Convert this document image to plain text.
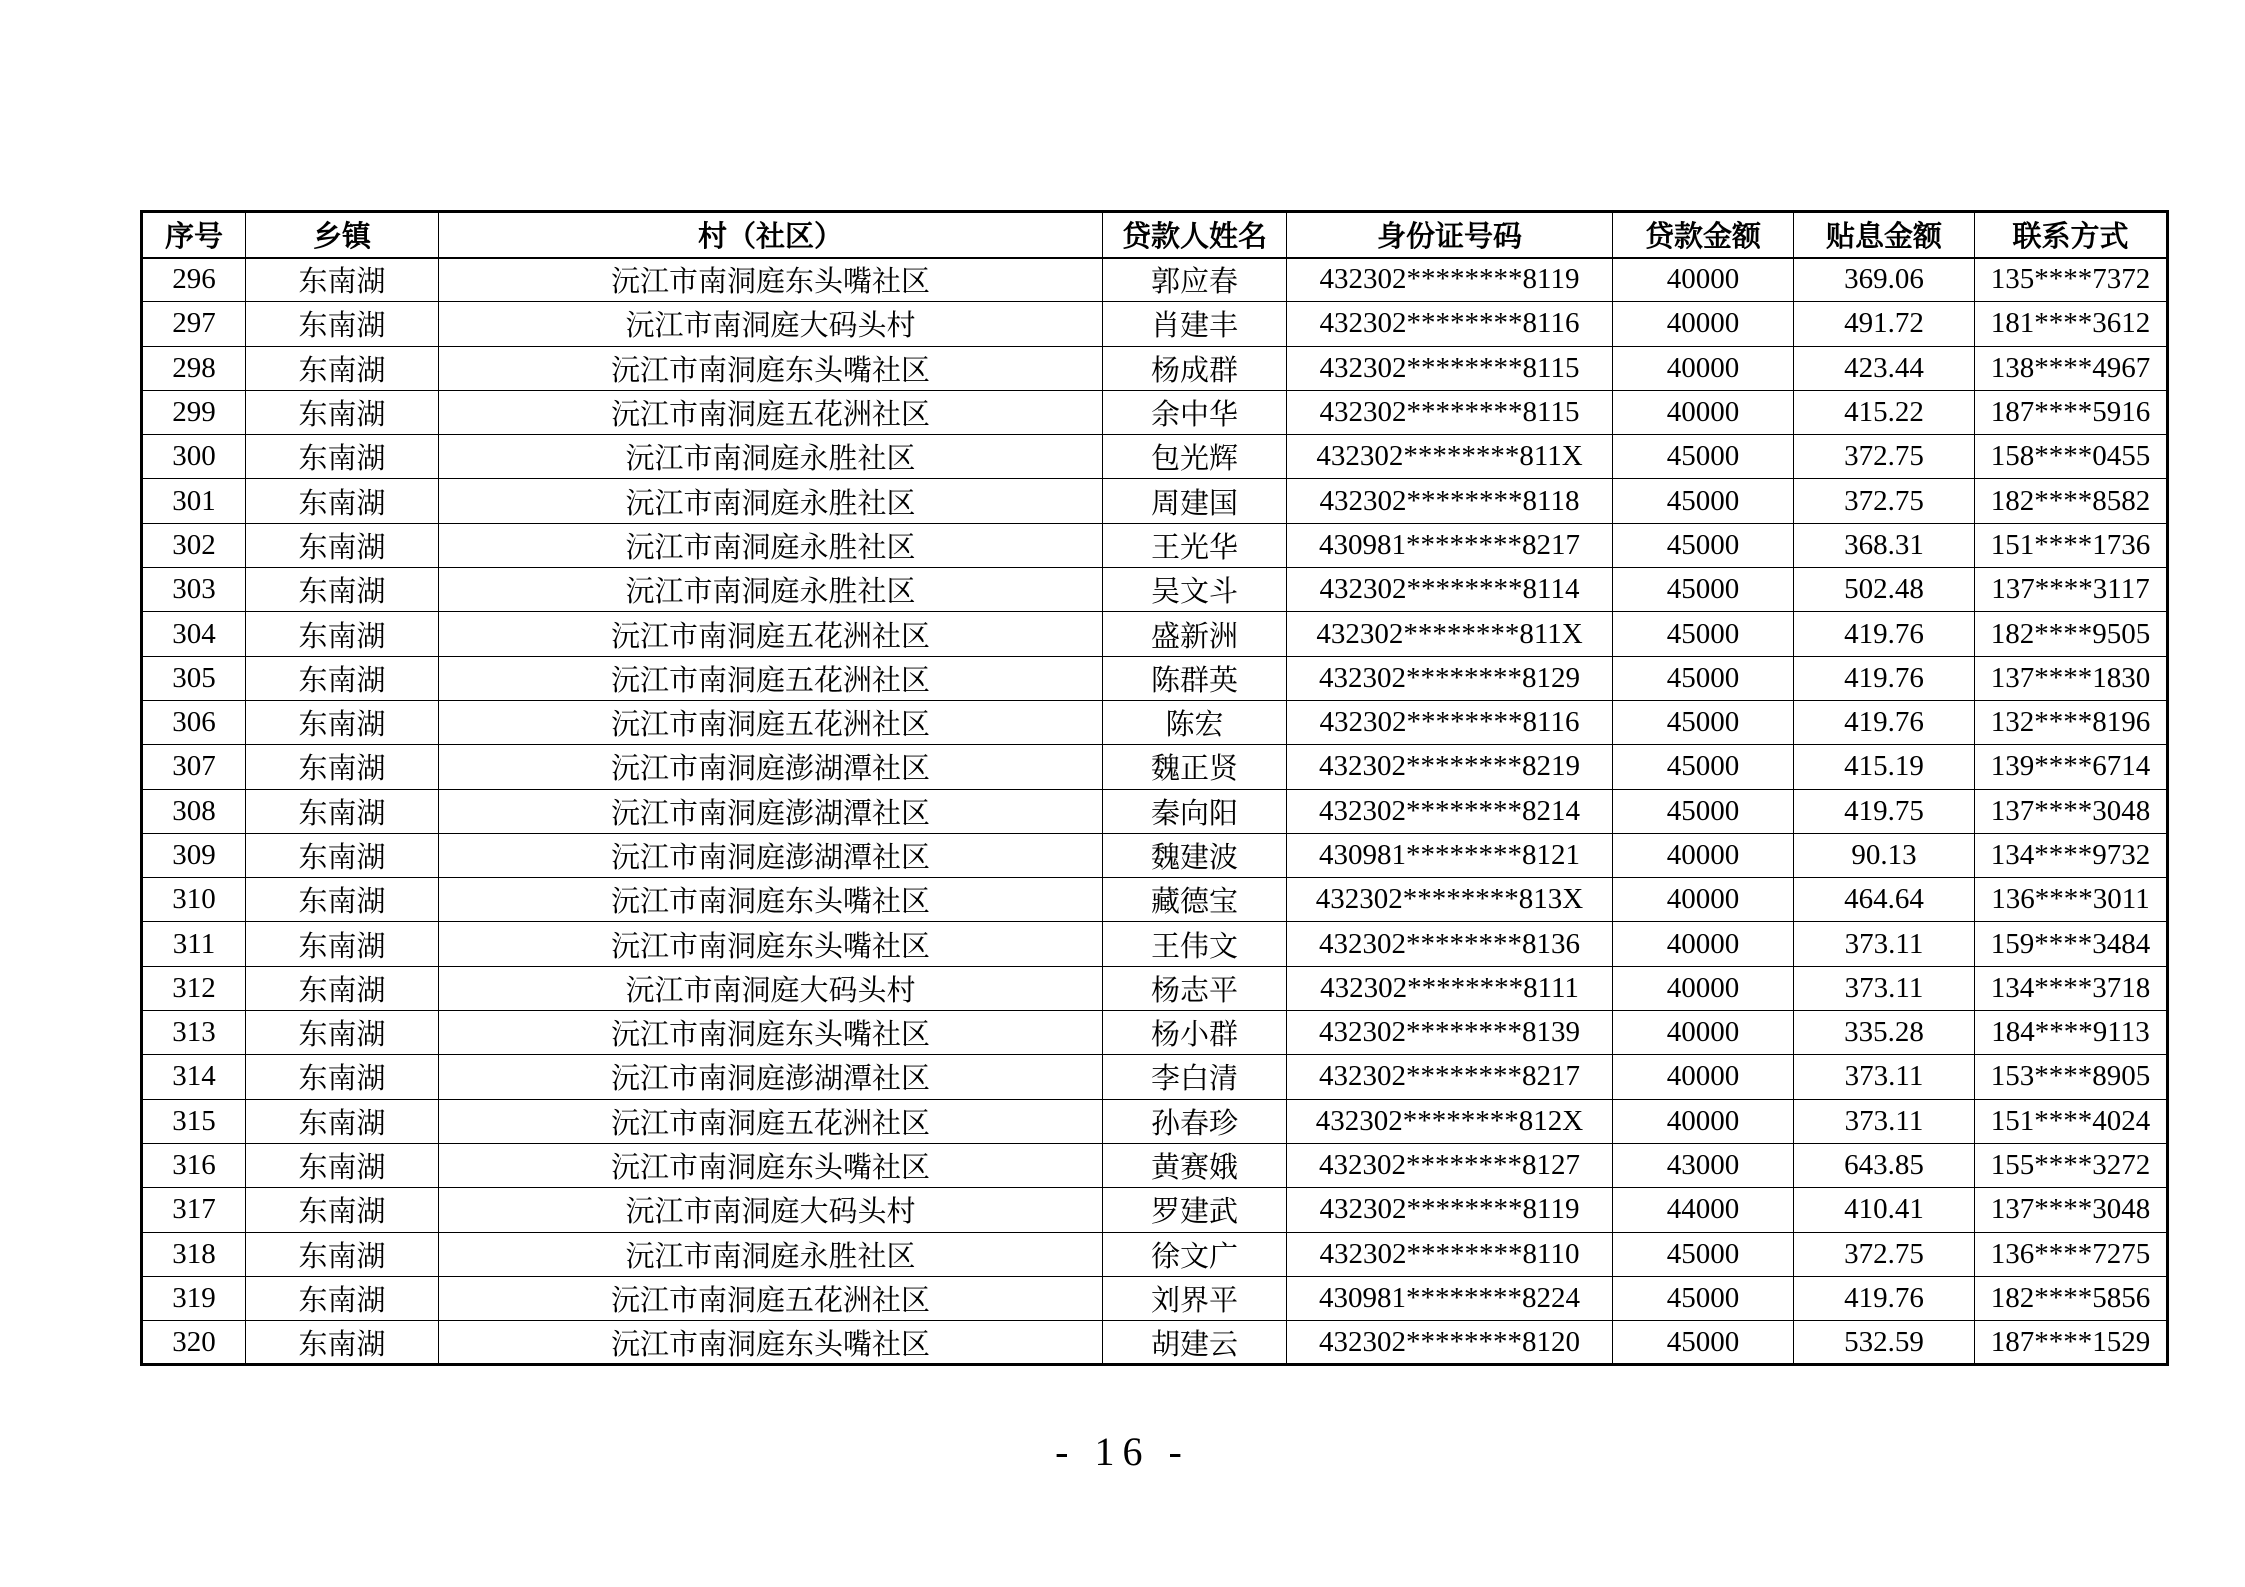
序号	乡镇	村（社区）	贷款人姓名	身份证号码	贷款金额	贴息金额	联系方式
296	东南湖	沅江市南洞庭东头嘴社区	郭应春	432302********8119	40000	369.06	135****7372
297	东南湖	沅江市南洞庭大码头村	肖建丰	432302********8116	40000	491.72	181****3612
298	东南湖	沅江市南洞庭东头嘴社区	杨成群	432302********8115	40000	423.44	138****4967
299	东南湖	沅江市南洞庭五花洲社区	余中华	432302********8115	40000	415.22	187****5916
300	东南湖	沅江市南洞庭永胜社区	包光辉	432302********811X	45000	372.75	158****0455
301	东南湖	沅江市南洞庭永胜社区	周建国	432302********8118	45000	372.75	182****8582
302	东南湖	沅江市南洞庭永胜社区	王光华	430981********8217	45000	368.31	151****1736
303	东南湖	沅江市南洞庭永胜社区	吴文斗	432302********8114	45000	502.48	137****3117
304	东南湖	沅江市南洞庭五花洲社区	盛新洲	432302********811X	45000	419.76	182****9505
305	东南湖	沅江市南洞庭五花洲社区	陈群英	432302********8129	45000	419.76	137****1830
306	东南湖	沅江市南洞庭五花洲社区	陈宏	432302********8116	45000	419.76	132****8196
307	东南湖	沅江市南洞庭澎湖潭社区	魏正贤	432302********8219	45000	415.19	139****6714
308	东南湖	沅江市南洞庭澎湖潭社区	秦向阳	432302********8214	45000	419.75	137****3048
309	东南湖	沅江市南洞庭澎湖潭社区	魏建波	430981********8121	40000	90.13	134****9732
310	东南湖	沅江市南洞庭东头嘴社区	藏德宝	432302********813X	40000	464.64	136****3011
311	东南湖	沅江市南洞庭东头嘴社区	王伟文	432302********8136	40000	373.11	159****3484
312	东南湖	沅江市南洞庭大码头村	杨志平	432302********8111	40000	373.11	134****3718
313	东南湖	沅江市南洞庭东头嘴社区	杨小群	432302********8139	40000	335.28	184****9113
314	东南湖	沅江市南洞庭澎湖潭社区	李白清	432302********8217	40000	373.11	153****8905
315	东南湖	沅江市南洞庭五花洲社区	孙春珍	432302********812X	40000	373.11	151****4024
316	东南湖	沅江市南洞庭东头嘴社区	黄赛娥	432302********8127	43000	643.85	155****3272
317	东南湖	沅江市南洞庭大码头村	罗建武	432302********8119	44000	410.41	137****3048
318	东南湖	沅江市南洞庭永胜社区	徐文广	432302********8110	45000	372.75	136****7275
319	东南湖	沅江市南洞庭五花洲社区	刘界平	430981********8224	45000	419.76	182****5856
320	东南湖	沅江市南洞庭东头嘴社区	胡建云	432302********8120	45000	532.59	187****1529
- 16 -
